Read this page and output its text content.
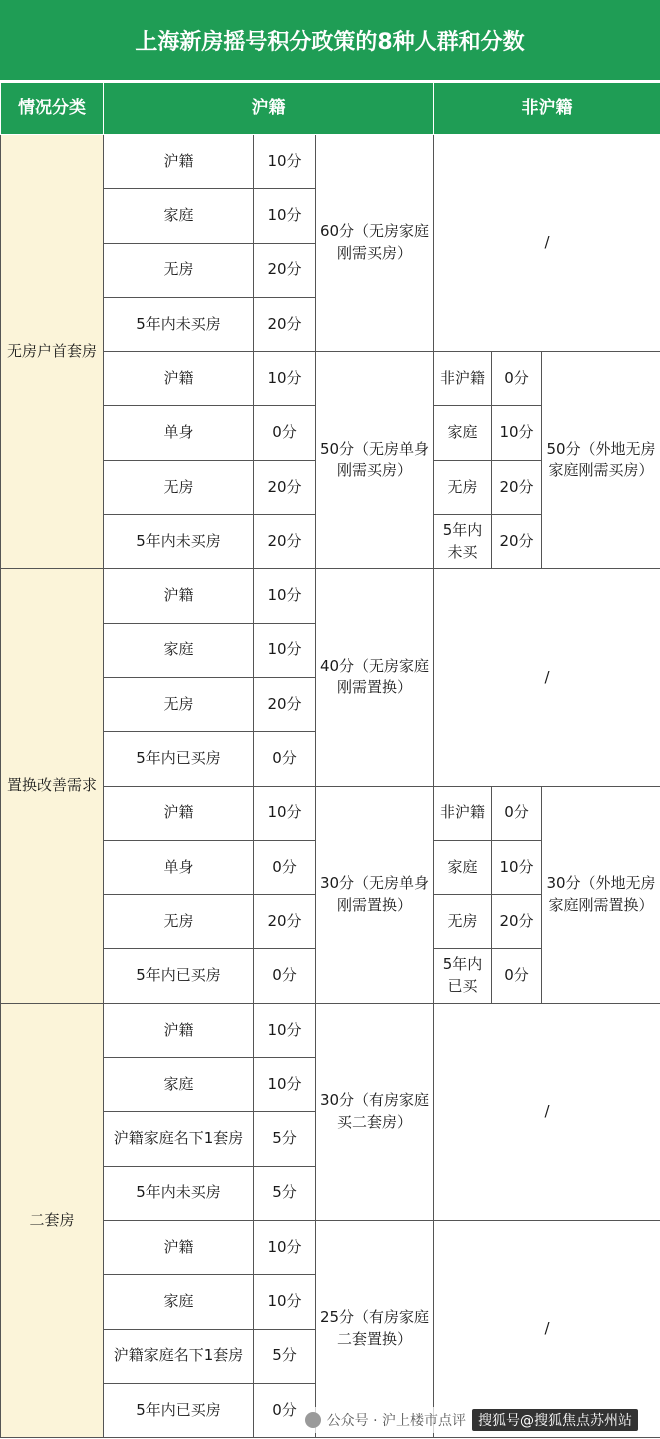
上海新房摇号积分政策的8种人群和分数
情况分类	沪籍			非沪籍		
无房户首套房	沪籍	10分	60分（无房家庭刚需买房）	/		
	家庭	10分				
	无房	20分				
	5年内未买房	20分				
	沪籍	10分	50分（无房单身刚需买房）	非沪籍	0分	50分（外地无房家庭刚需买房）
	单身	0分		家庭	10分	
	无房	20分		无房	20分	
	5年内未买房	20分		5年内未买	20分	
置换改善需求	沪籍	10分	40分（无房家庭刚需置换）	/		
	家庭	10分				
	无房	20分				
	5年内已买房	0分				
	沪籍	10分	30分（无房单身刚需置换）	非沪籍	0分	30分（外地无房家庭刚需置换）
	单身	0分		家庭	10分	
	无房	20分		无房	20分	
	5年内已买房	0分		5年内已买	0分	
二套房	沪籍	10分	30分（有房家庭买二套房）	/		
	家庭	10分				
	沪籍家庭名下1套房	5分				
	5年内未买房	5分				
	沪籍	10分	25分（有房家庭二套置换）	/		
	家庭	10分				
	沪籍家庭名下1套房	5分				
	5年内已买房	0分				
公众号 · 沪上楼市点评 搜狐号@搜狐焦点苏州站
